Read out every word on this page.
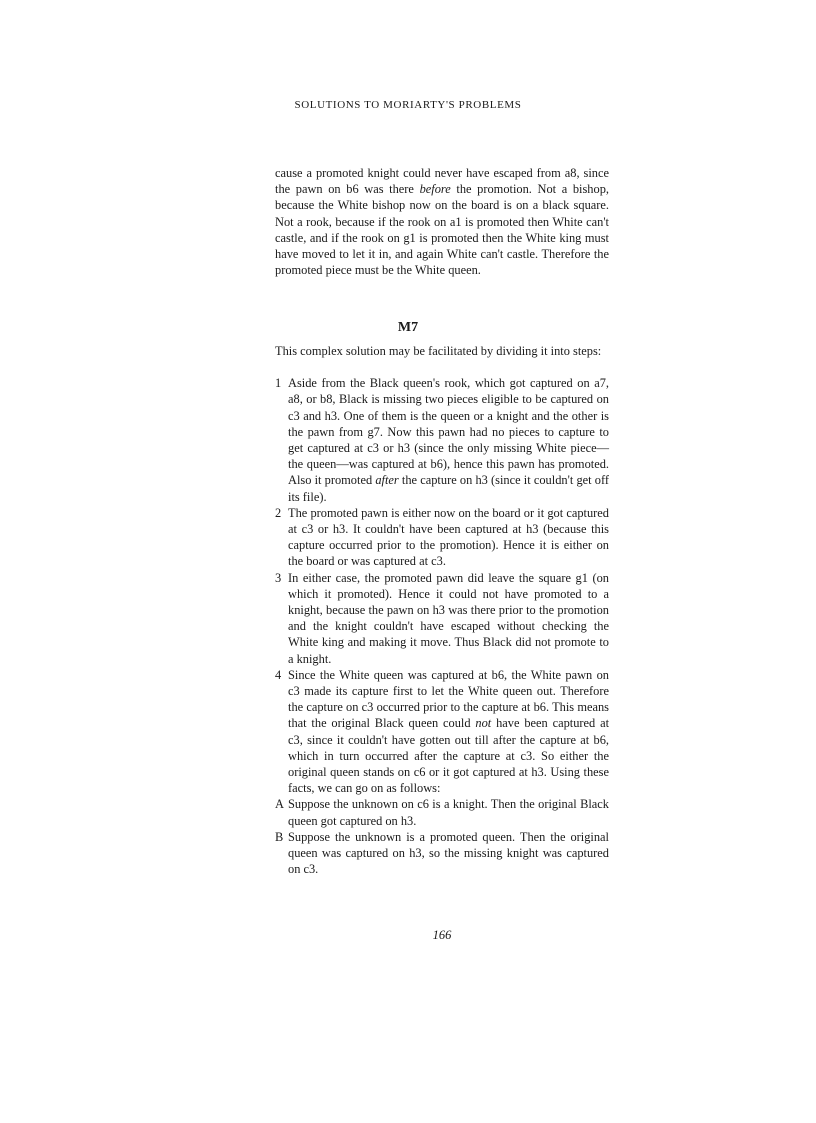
SOLUTIONS TO MORIARTY'S PROBLEMS

cause a promoted knight could never have escaped from a8, since the pawn on b6 was there before the promotion. Not a bishop, because the White bishop now on the board is on a black square. Not a rook, because if the rook on a1 is promoted then White can't castle, and if the rook on g1 is promoted then the White king must have moved to let it in, and again White can't castle. Therefore the promoted piece must be the White queen.

M7

This complex solution may be facilitated by dividing it into steps:

1 Aside from the Black queen's rook, which got captured on a7, a8, or b8, Black is missing two pieces eligible to be captured on c3 and h3. One of them is the queen or a knight and the other is the pawn from g7. Now this pawn had no pieces to capture to get captured at c3 or h3 (since the only missing White piece—the queen—was captured at b6), hence this pawn has promoted. Also it promoted after the capture on h3 (since it couldn't get off its file).
2 The promoted pawn is either now on the board or it got captured at c3 or h3. It couldn't have been captured at h3 (because this capture occurred prior to the promotion). Hence it is either on the board or was captured at c3.
3 In either case, the promoted pawn did leave the square g1 (on which it promoted). Hence it could not have promoted to a knight, because the pawn on h3 was there prior to the promotion and the knight couldn't have escaped without checking the White king and making it move. Thus Black did not promote to a knight.
4 Since the White queen was captured at b6, the White pawn on c3 made its capture first to let the White queen out. Therefore the capture on c3 occurred prior to the capture at b6. This means that the original Black queen could not have been captured at c3, since it couldn't have gotten out till after the capture at b6, which in turn occurred after the capture at c3. So either the original queen stands on c6 or it got captured at h3. Using these facts, we can go on as follows:
A Suppose the unknown on c6 is a knight. Then the original Black queen got captured on h3.
B Suppose the unknown is a promoted queen. Then the original queen was captured on h3, so the missing knight was captured on c3.
166
